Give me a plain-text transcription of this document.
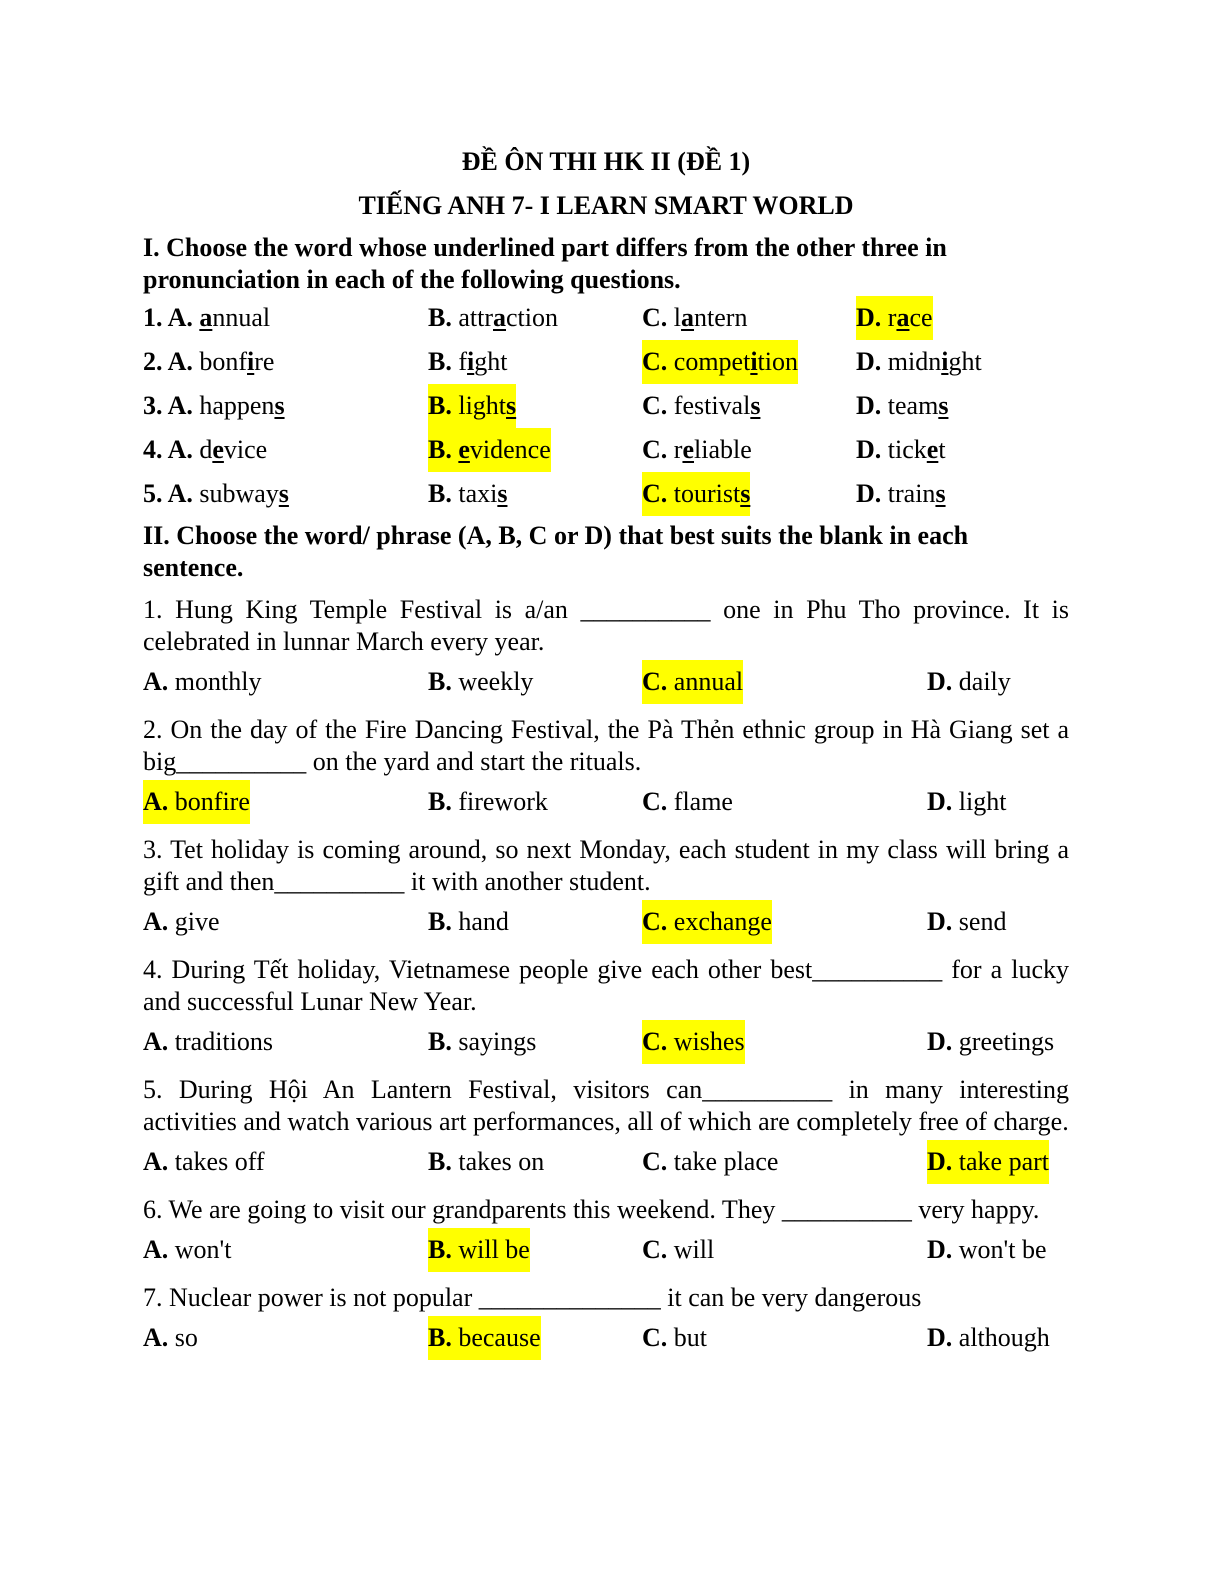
ĐỀ ÔN THI HK II (ĐỀ 1)
TIẾNG ANH 7- I LEARN SMART WORLD
I. Choose the word whose underlined part differs from the other three in pronunciation in each of the following questions.
1. A. annual	B. attraction	C. lantern	D. race
2. A. bonfire	B. fight	C. competition D. midnight
3. A. happens	B. lights	C. festivals	D. teams
4. A. device	B. evidence	C. reliable	D. ticket
5. A. subways	B. taxis	C. tourists	D. trains
II. Choose the word/ phrase (A, B, C or D) that best suits the blank in each sentence.
1. Hung King Temple Festival is a/an __________ one in Phu Tho province. It is celebrated in lunnar March every year.
A. monthly	B. weekly	C. annual	D. daily
2. On the day of the Fire Dancing Festival, the Pà Thẻn ethnic group in Hà Giang set a big__________ on the yard and start the rituals.
A. bonfire	B. firework	C. flame	D. light
3. Tet holiday is coming around, so next Monday, each student in my class will bring a gift and then__________ it with another student.
A. give	B. hand	C. exchange	D. send
4. During Tết holiday, Vietnamese people give each other best__________ for a lucky and successful Lunar New Year.
A. traditions	B. sayings	C. wishes	D. greetings
5. During Hội An Lantern Festival, visitors can__________ in many interesting activities and watch various art performances, all of which are completely free of charge.
A. takes off	B. takes on	C. take place	D. take part
6. We are going to visit our grandparents this weekend. They __________ very happy.
A. won't	B. will be	C. will	D. won't be
7. Nuclear power is not popular ______________ it can be very dangerous
A. so	B. because	C. but	D. although
